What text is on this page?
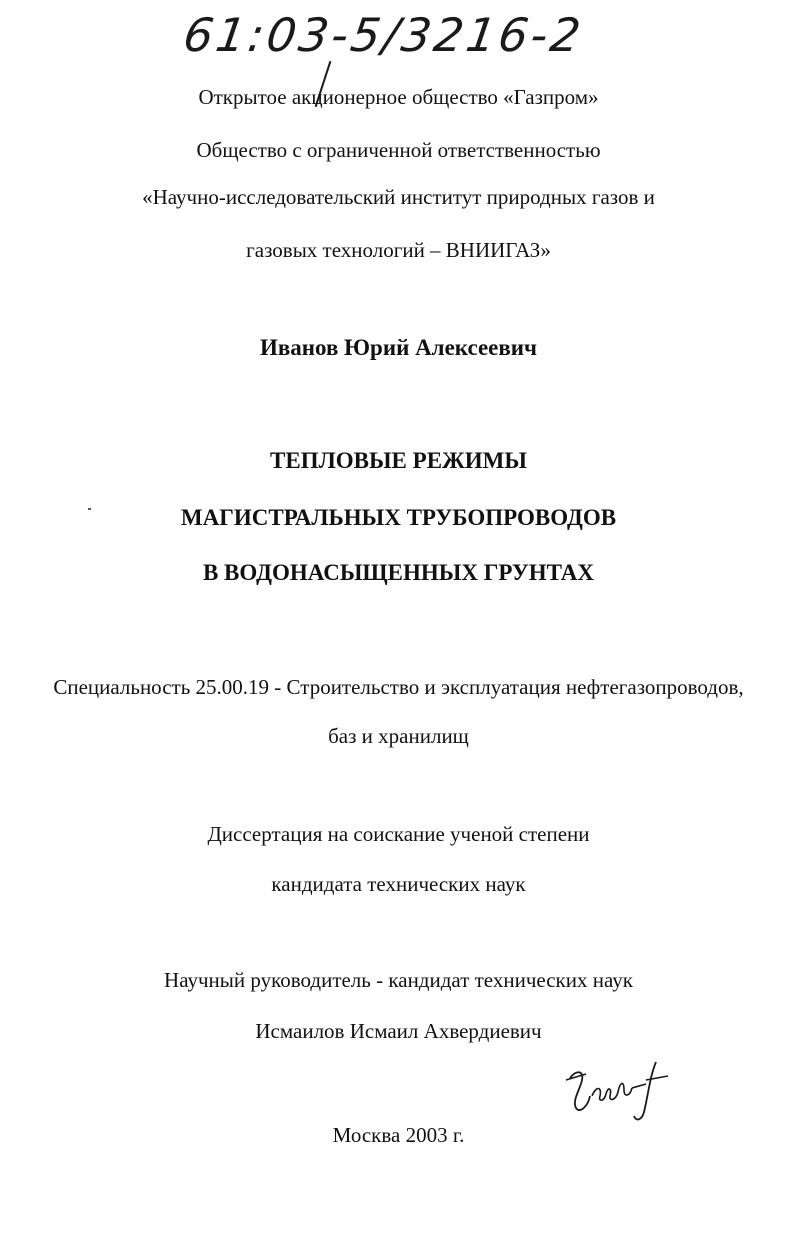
61:03-5/3216-2
Открытое акционерное общество «Газпром»
Общество с ограниченной ответственностью
«Научно-исследовательский институт природных газов и
газовых технологий – ВНИИГАЗ»
Иванов Юрий Алексеевич
ТЕПЛОВЫЕ РЕЖИМЫ
МАГИСТРАЛЬНЫХ ТРУБОПРОВОДОВ
В ВОДОНАСЫЩЕННЫХ ГРУНТАХ
Специальность 25.00.19 - Строительство и эксплуатация нефтегазопроводов,
баз и хранилищ
Диссертация на соискание ученой степени
кандидата технических наук
Научный руководитель - кандидат технических наук
Исмаилов Исмаил Ахвердиевич
Москва 2003 г.
